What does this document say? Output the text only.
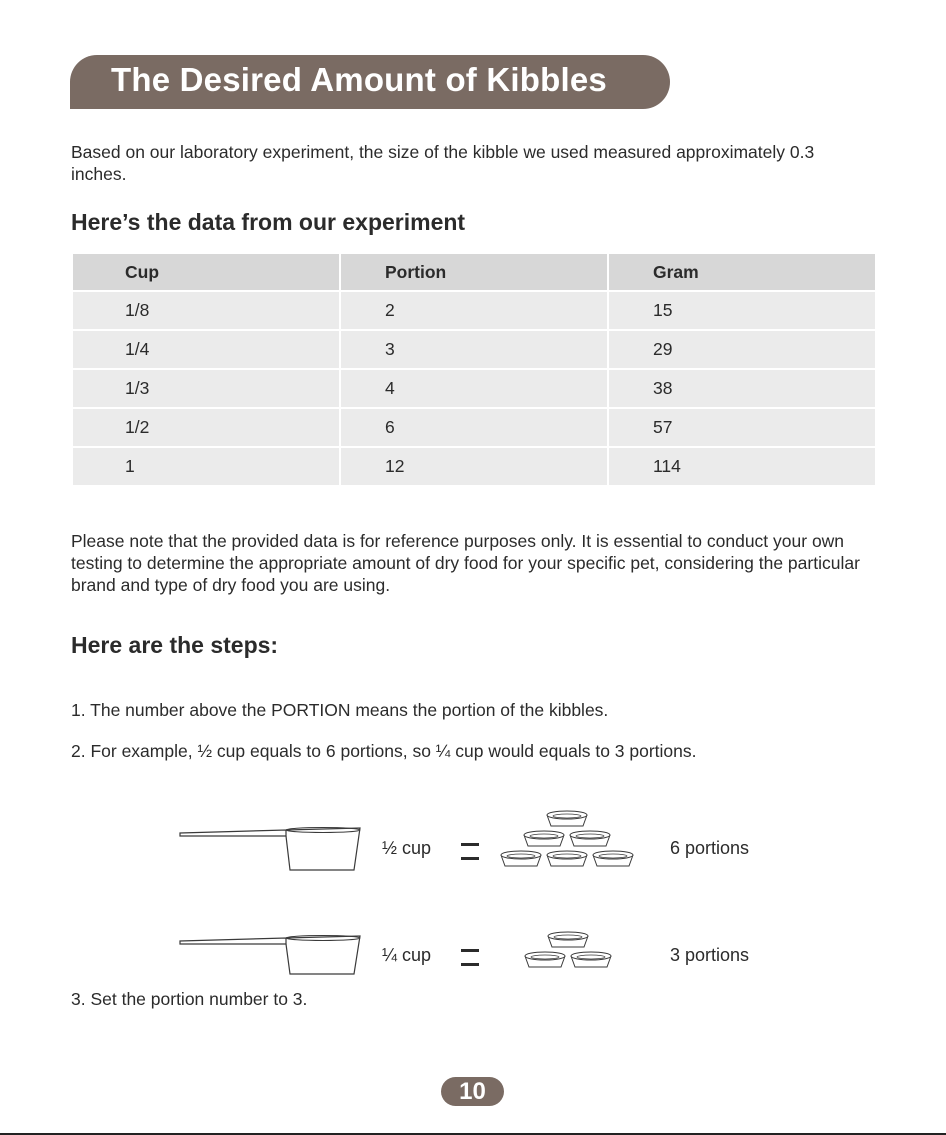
The Desired Amount of Kibbles
Based on our laboratory experiment, the size of the kibble we used measured approximately 0.3 inches.
Here’s the data from our experiment
Cup	Portion	Gram
1/8	2	15
1/4	3	29
1/3	4	38
1/2	6	57
1	12	114
Please note that the provided data is for reference purposes only. It is essential to conduct your own testing to determine the appropriate amount of dry food for your specific pet, considering the particular brand and type of dry food you are using.
Here are the steps:
1. The number above the PORTION means the portion of the kibbles.
2. For example, ½ cup equals to 6 portions, so ¼ cup would equals to 3 portions.
½ cup	6 portions
¼ cup	3 portions
3. Set the portion number to 3.
10
